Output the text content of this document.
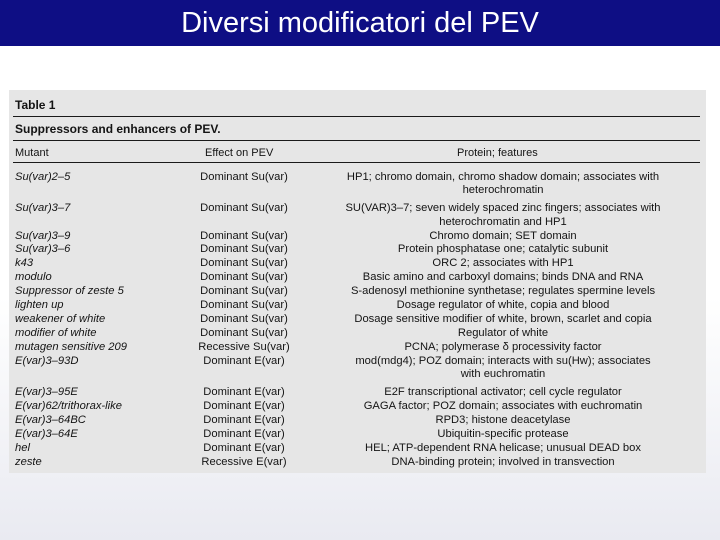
Diversi modificatori del PEV
Table 1
Suppressors and enhancers of PEV.
Mutant	Effect on PEV	Protein; features
Su(var)2–5	Dominant Su(var)	HP1; chromo domain, chromo shadow domain; associates with
heterochromatin
Su(var)3–7	Dominant Su(var)	SU(VAR)3–7; seven widely spaced zinc fingers; associates with
heterochromatin and HP1
Su(var)3–9	Dominant Su(var)	Chromo domain; SET domain
Su(var)3–6	Dominant Su(var)	Protein phosphatase one; catalytic subunit
k43	Dominant Su(var)	ORC 2; associates with HP1
modulo	Dominant Su(var)	Basic amino and carboxyl domains; binds DNA and RNA
Suppressor of zeste 5	Dominant Su(var)	S-adenosyl methionine synthetase; regulates spermine levels
lighten up	Dominant Su(var)	Dosage regulator of white, copia and blood
weakener of white	Dominant Su(var)	Dosage sensitive modifier of white, brown, scarlet and copia
modifier of white	Dominant Su(var)	Regulator of white
mutagen sensitive 209	Recessive Su(var)	PCNA; polymerase δ processivity factor
E(var)3–93D	Dominant E(var)	mod(mdg4); POZ domain; interacts with su(Hw); associates
with euchromatin
E(var)3–95E	Dominant E(var)	E2F transcriptional activator; cell cycle regulator
E(var)62/trithorax-like	Dominant E(var)	GAGA factor; POZ domain; associates with euchromatin
E(var)3–64BC	Dominant E(var)	RPD3; histone deacetylase
E(var)3–64E	Dominant E(var)	Ubiquitin-specific protease
hel	Dominant E(var)	HEL; ATP-dependent RNA helicase; unusual DEAD box
zeste	Recessive E(var)	DNA-binding protein; involved in transvection
